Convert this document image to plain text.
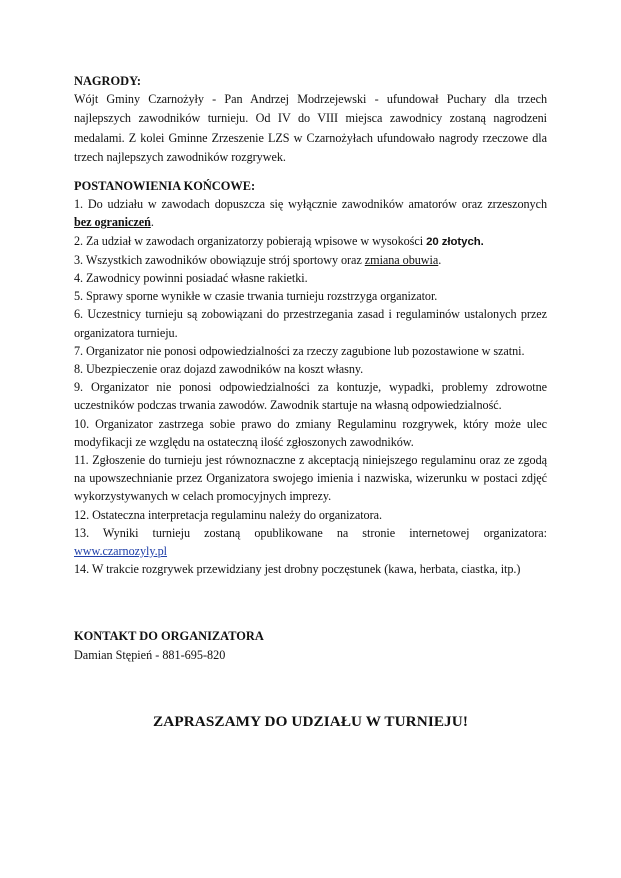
NAGRODY:

Wójt Gminy Czarnożyły - Pan Andrzej Modrzejewski - ufundował Puchary dla trzech najlepszych zawodników turnieju. Od IV do VIII miejsca zawodnicy zostaną nagrodzeni medalami. Z kolei Gminne Zrzeszenie LZS w Czarnożyłach ufundowało nagrody rzeczowe dla trzech najlepszych zawodników rozgrywek.

POSTANOWIENIA KOŃCOWE:

1. Do udziału w zawodach dopuszcza się wyłącznie zawodników amatorów oraz zrzeszonych bez ograniczeń.
2. Za udział w zawodach organizatorzy pobierają wpisowe w wysokości 20 złotych.
3. Wszystkich zawodników obowiązuje strój sportowy oraz zmiana obuwia.
4. Zawodnicy powinni posiadać własne rakietki.
5. Sprawy sporne wynikłe w czasie trwania turnieju rozstrzyga organizator.
6. Uczestnicy turnieju są zobowiązani do przestrzegania zasad i regulaminów ustalonych przez organizatora turnieju.
7. Organizator nie ponosi odpowiedzialności za rzeczy zagubione lub pozostawione w szatni.
8. Ubezpieczenie oraz dojazd zawodników na koszt własny.
9. Organizator nie ponosi odpowiedzialności za kontuzje, wypadki, problemy zdrowotne uczestników podczas trwania zawodów. Zawodnik startuje na własną odpowiedzialność.
10. Organizator zastrzega sobie prawo do zmiany Regulaminu rozgrywek, który może ulec modyfikacji ze względu na ostateczną ilość zgłoszonych zawodników.
11. Zgłoszenie do turnieju jest równoznaczne z akceptacją niniejszego regulaminu oraz ze zgodą na upowszechnianie przez Organizatora swojego imienia i nazwiska, wizerunku w postaci zdjęć wykorzystywanych w celach promocyjnych imprezy.
12. Ostateczna interpretacja regulaminu należy do organizatora.
13. Wyniki turnieju zostaną opublikowane na stronie internetowej organizatora: www.czarnozyly.pl
14. W trakcie rozgrywek przewidziany jest drobny poczęstunek (kawa, herbata, ciastka, itp.)

KONTAKT DO ORGANIZATORA

Damian Stępień - 881-695-820

ZAPRASZAMY DO UDZIAŁU W TURNIEJU!
